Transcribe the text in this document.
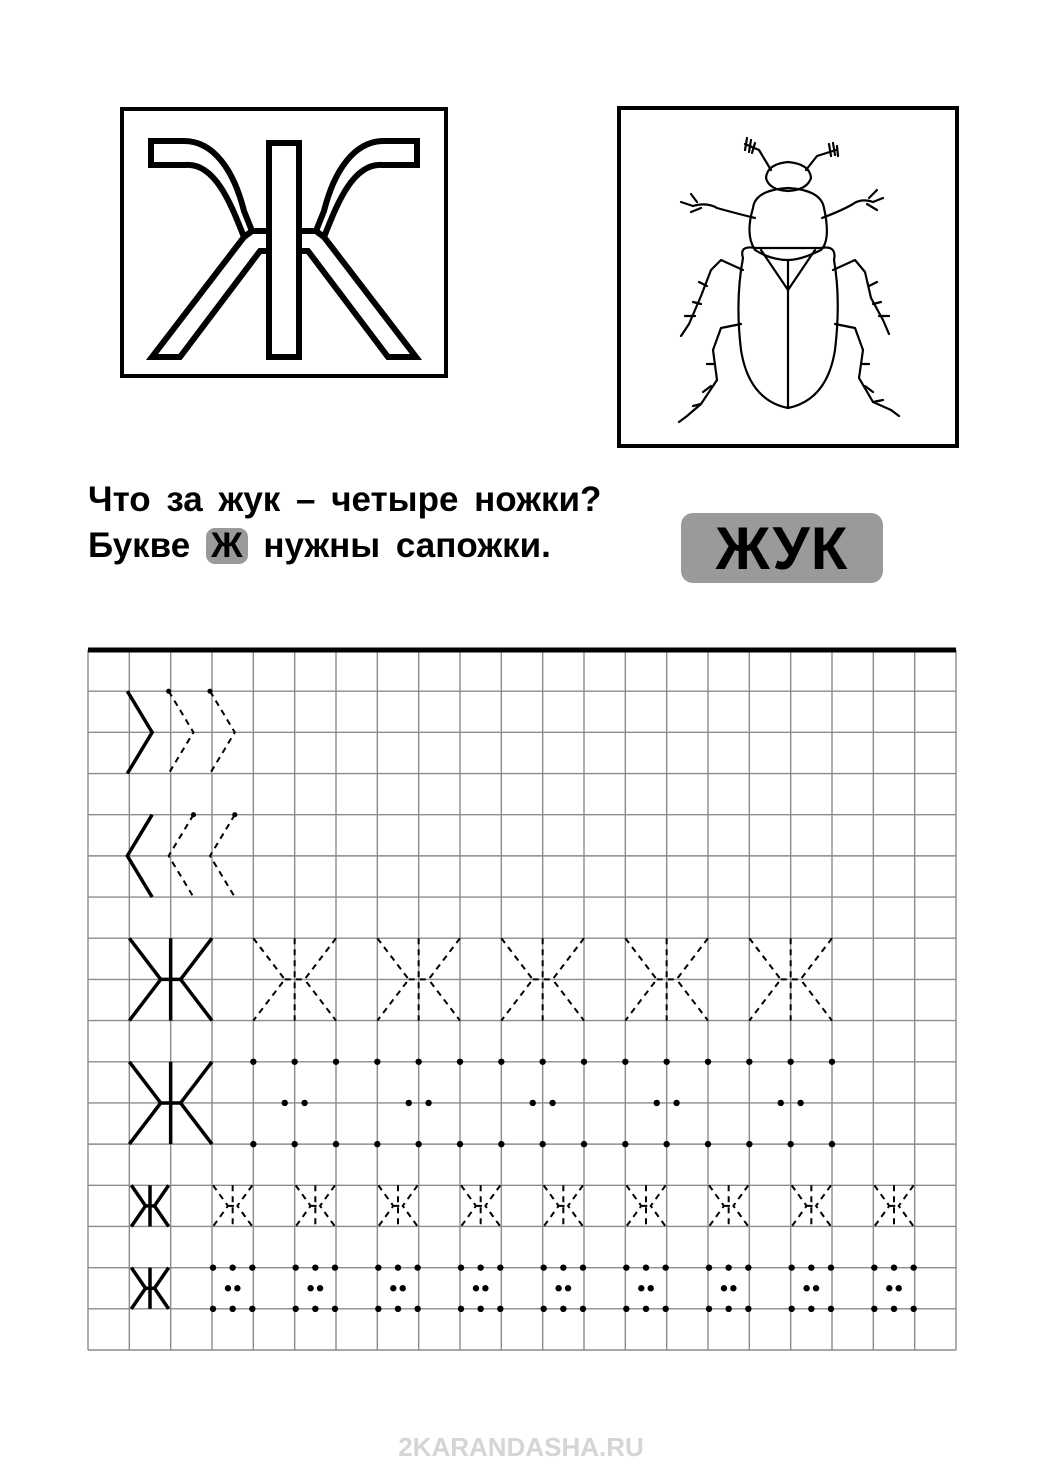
Что за жук – четыре ножки?
Букве Ж нужны сапожки.	ЖУК
2KARANDASHA.RU
